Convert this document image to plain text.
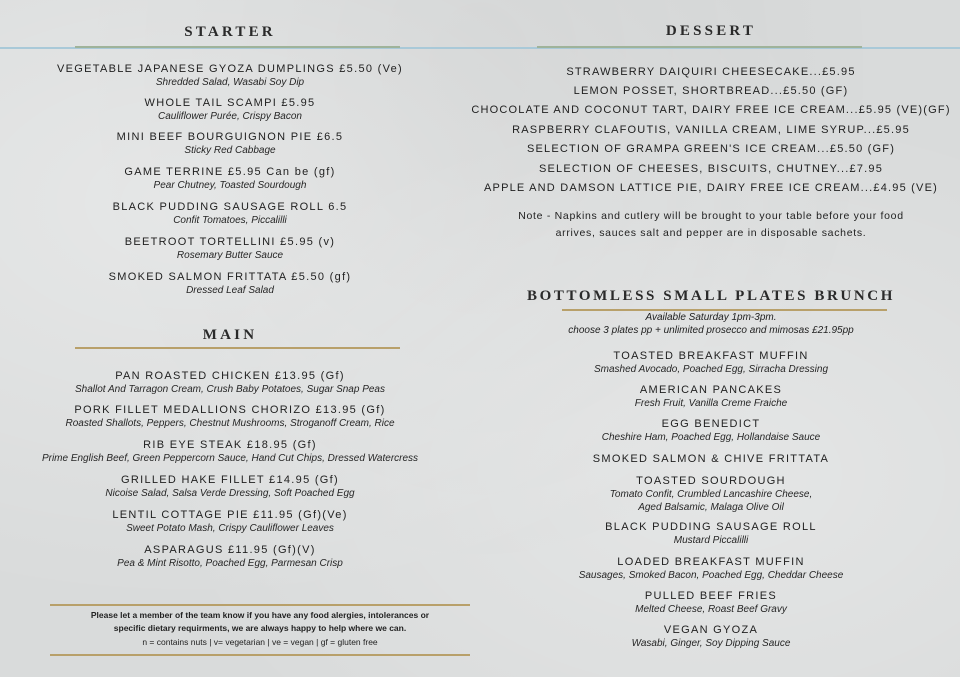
STARTER
VEGETABLE JAPANESE GYOZA DUMPLINGS £5.50 (Ve)
Shredded Salad, Wasabi Soy Dip
WHOLE TAIL SCAMPI £5.95
Cauliflower Purée, Crispy Bacon
MINI BEEF BOURGUIGNON PIE £6.5
Sticky Red Cabbage
GAME TERRINE £5.95 Can be (gf)
Pear Chutney, Toasted Sourdough
BLACK PUDDING SAUSAGE ROLL 6.5
Confit Tomatoes, Piccalilli
BEETROOT TORTELLINI £5.95 (v)
Rosemary Butter Sauce
SMOKED SALMON FRITTATA £5.50 (gf)
Dressed Leaf Salad
MAIN
PAN ROASTED CHICKEN £13.95 (Gf)
Shallot And Tarragon Cream, Crush Baby Potatoes, Sugar Snap Peas
PORK FILLET MEDALLIONS CHORIZO £13.95 (Gf)
Roasted Shallots, Peppers, Chestnut Mushrooms, Stroganoff Cream, Rice
RIB EYE STEAK £18.95 (Gf)
Prime English Beef, Green Peppercorn Sauce, Hand Cut Chips, Dressed Watercress
GRILLED HAKE FILLET £14.95 (Gf)
Nicoise Salad, Salsa Verde Dressing, Soft Poached Egg
LENTIL COTTAGE PIE £11.95 (Gf)(Ve)
Sweet Potato Mash, Crispy Cauliflower Leaves
ASPARAGUS £11.95 (Gf)(V)
Pea & Mint Risotto, Poached Egg, Parmesan Crisp
Please let a member of the team know if you have any food alergies, intolerances or
specific dietary requirments, we are always happy to help where we can.
n = contains nuts | v= vegetarian | ve = vegan | gf = gluten free
DESSERT
STRAWBERRY DAIQUIRI CHEESECAKE...£5.95
LEMON POSSET, SHORTBREAD...£5.50 (GF)
CHOCOLATE AND COCONUT TART, DAIRY FREE ICE CREAM...£5.95 (VE)(GF)
RASPBERRY CLAFOUTIS, VANILLA CREAM, LIME SYRUP...£5.95
SELECTION OF GRAMPA GREEN'S ICE CREAM...£5.50 (GF)
SELECTION OF CHEESES, BISCUITS, CHUTNEY...£7.95
APPLE AND DAMSON LATTICE PIE, DAIRY FREE ICE CREAM...£4.95 (VE)
Note - Napkins and cutlery will be brought to your table before your food
arrives, sauces salt and pepper are in disposable sachets.
BOTTOMLESS SMALL PLATES BRUNCH
Available Saturday 1pm-3pm.
choose 3 plates pp + unlimited prosecco and mimosas £21.95pp
TOASTED BREAKFAST MUFFIN
Smashed Avocado, Poached Egg, Sirracha Dressing
AMERICAN PANCAKES
Fresh Fruit, Vanilla Creme Fraiche
EGG BENEDICT
Cheshire Ham, Poached Egg, Hollandaise Sauce
SMOKED SALMON & CHIVE FRITTATA
TOASTED SOURDOUGH
Tomato Confit, Crumbled Lancashire Cheese,
Aged Balsamic, Malaga Olive Oil
BLACK PUDDING SAUSAGE ROLL
Mustard Piccalilli
LOADED BREAKFAST MUFFIN
Sausages, Smoked Bacon, Poached Egg, Cheddar Cheese
PULLED BEEF FRIES
Melted Cheese, Roast Beef Gravy
VEGAN GYOZA
Wasabi, Ginger, Soy Dipping Sauce
